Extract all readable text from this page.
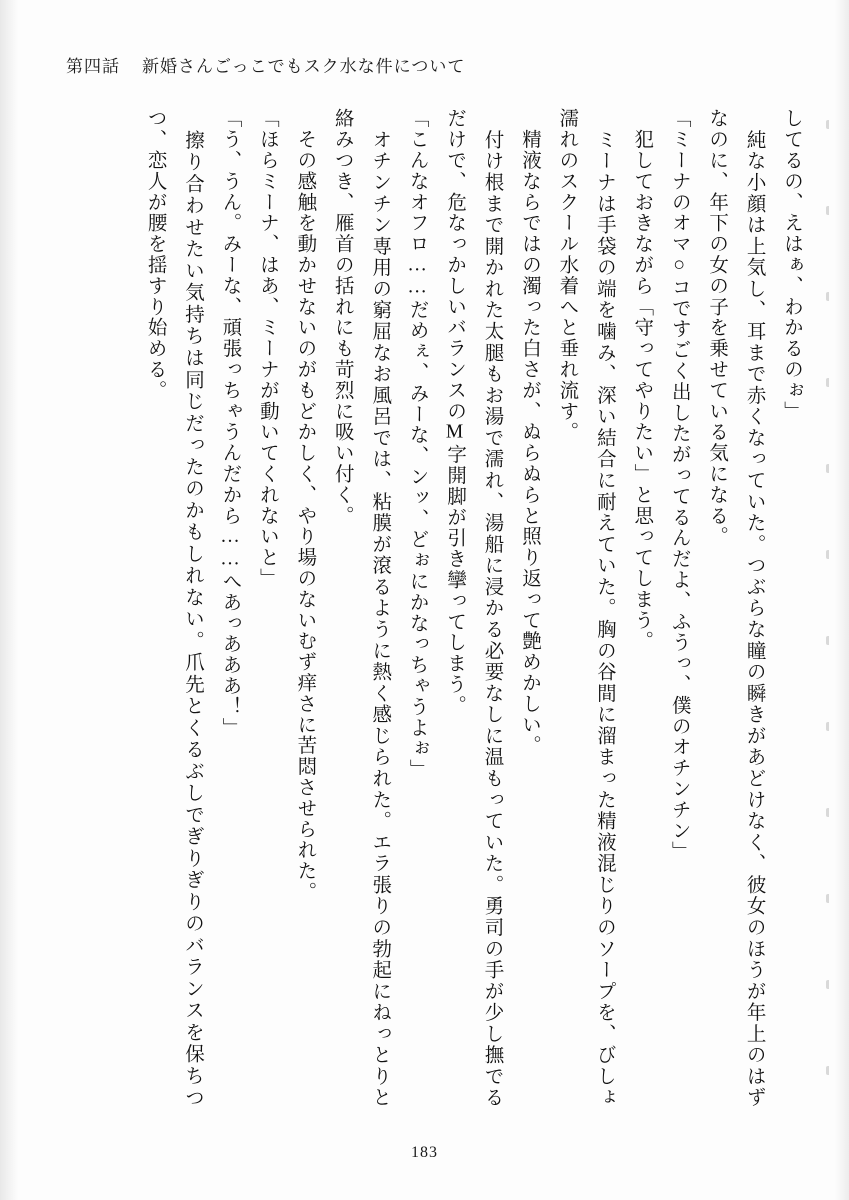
第四話 新婚さんごっこでもスク水な件について

してるの、えはぁ、わかるのぉ」

　純な小顔は上気し、耳まで赤くなっていた。つぶらな瞳の瞬きがあどけなく、彼女のほうが年上のはずなのに、年下の女の子を乗せている気になる。

「ミーナのオマ○コですごく出したがってるんだよ、ふうっ、僕のオチンチン」

　犯しておきながら「守ってやりたい」と思ってしまう。

　ミーナは手袋の端を噛み、深い結合に耐えていた。胸の谷間に溜まった精液混じりのソープを、びしょ濡れのスクール水着へと垂れ流す。

　精液ならではの濁った白さが、ぬらぬらと照り返って艶めかしい。

　付け根まで開かれた太腿もお湯で濡れ、湯船に浸かる必要なしに温もっていた。勇司の手が少し撫でるだけで、危なっかしいバランスのM字開脚が引き攣ってしまう。

「こんなオフロ……だめぇ、みーな、ンッ、どぉにかなっちゃうよぉ」

　オチンチン専用の窮屈なお風呂では、粘膜が滾るように熱く感じられた。エラ張りの勃起にねっとりと絡みつき、雁首の括れにも苛烈に吸い付く。

　その感触を動かせないのがもどかしく、やり場のないむず痒さに苦悶させられた。

「ほらミーナ、はあ、ミーナが動いてくれないと」

「う、うん。みーな、頑張っちゃうんだから……へあっあああ！」

　擦り合わせたい気持ちは同じだったのかもしれない。爪先とくるぶしでぎりぎりのバランスを保ちつつ、恋人が腰を揺すり始める。

183
